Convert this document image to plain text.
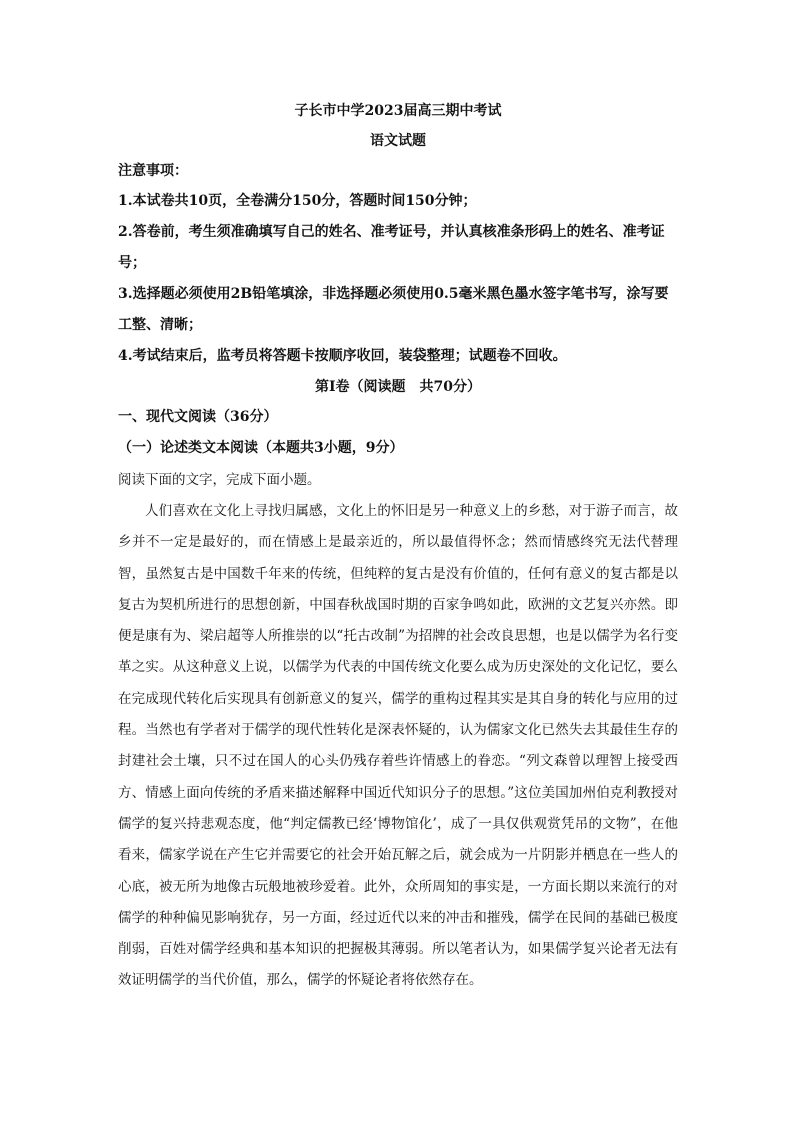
子长市中学2023届高三期中考试

语文试题

注意事项：

1.本试卷共10页，全卷满分150分，答题时间150分钟；

2.答卷前，考生须准确填写自己的姓名、准考证号，并认真核准条形码上的姓名、准考证号；

3.选择题必须使用2B铅笔填涂，非选择题必须使用0.5毫米黑色墨水签字笔书写，涂写要工整、清晰；

4.考试结束后，监考员将答题卡按顺序收回，装袋整理；试题卷不回收。

第Ⅰ卷（阅读题　共70分）

一、现代文阅读（36分）

（一）论述类文本阅读（本题共3小题，9分）

阅读下面的文字，完成下面小题。

人们喜欢在文化上寻找归属感，文化上的怀旧是另一种意义上的乡愁，对于游子而言，故乡并不一定是最好的，而在情感上是最亲近的，所以最值得怀念；然而情感终究无法代替理智，虽然复古是中国数千年来的传统，但纯粹的复古是没有价值的，任何有意义的复古都是以复古为契机所进行的思想创新，中国春秋战国时期的百家争鸣如此，欧洲的文艺复兴亦然。即便是康有为、梁启超等人所推崇的以“托古改制”为招牌的社会改良思想，也是以儒学为名行变革之实。从这种意义上说，以儒学为代表的中国传统文化要么成为历史深处的文化记忆，要么在完成现代转化后实现具有创新意义的复兴，儒学的重构过程其实是其自身的转化与应用的过程。当然也有学者对于儒学的现代性转化是深表怀疑的，认为儒家文化已然失去其最佳生存的封建社会土壤，只不过在国人的心头仍残存着些许情感上的眷恋。“列文森曾以理智上接受西方、情感上面向传统的矛盾来描述解释中国近代知识分子的思想。”这位美国加州伯克利教授对儒学的复兴持悲观态度，他“判定儒教已经‘博物馆化’，成了一具仅供观赏凭吊的文物”，在他看来，儒家学说在产生它并需要它的社会开始瓦解之后，就会成为一片阴影并栖息在一些人的心底，被无所为地像古玩般地被珍爱着。此外，众所周知的事实是，一方面长期以来流行的对儒学的种种偏见影响犹存，另一方面，经过近代以来的冲击和摧残，儒学在民间的基础已极度削弱，百姓对儒学经典和基本知识的把握极其薄弱。所以笔者认为，如果儒学复兴论者无法有效证明儒学的当代价值，那么，儒学的怀疑论者将依然存在。
